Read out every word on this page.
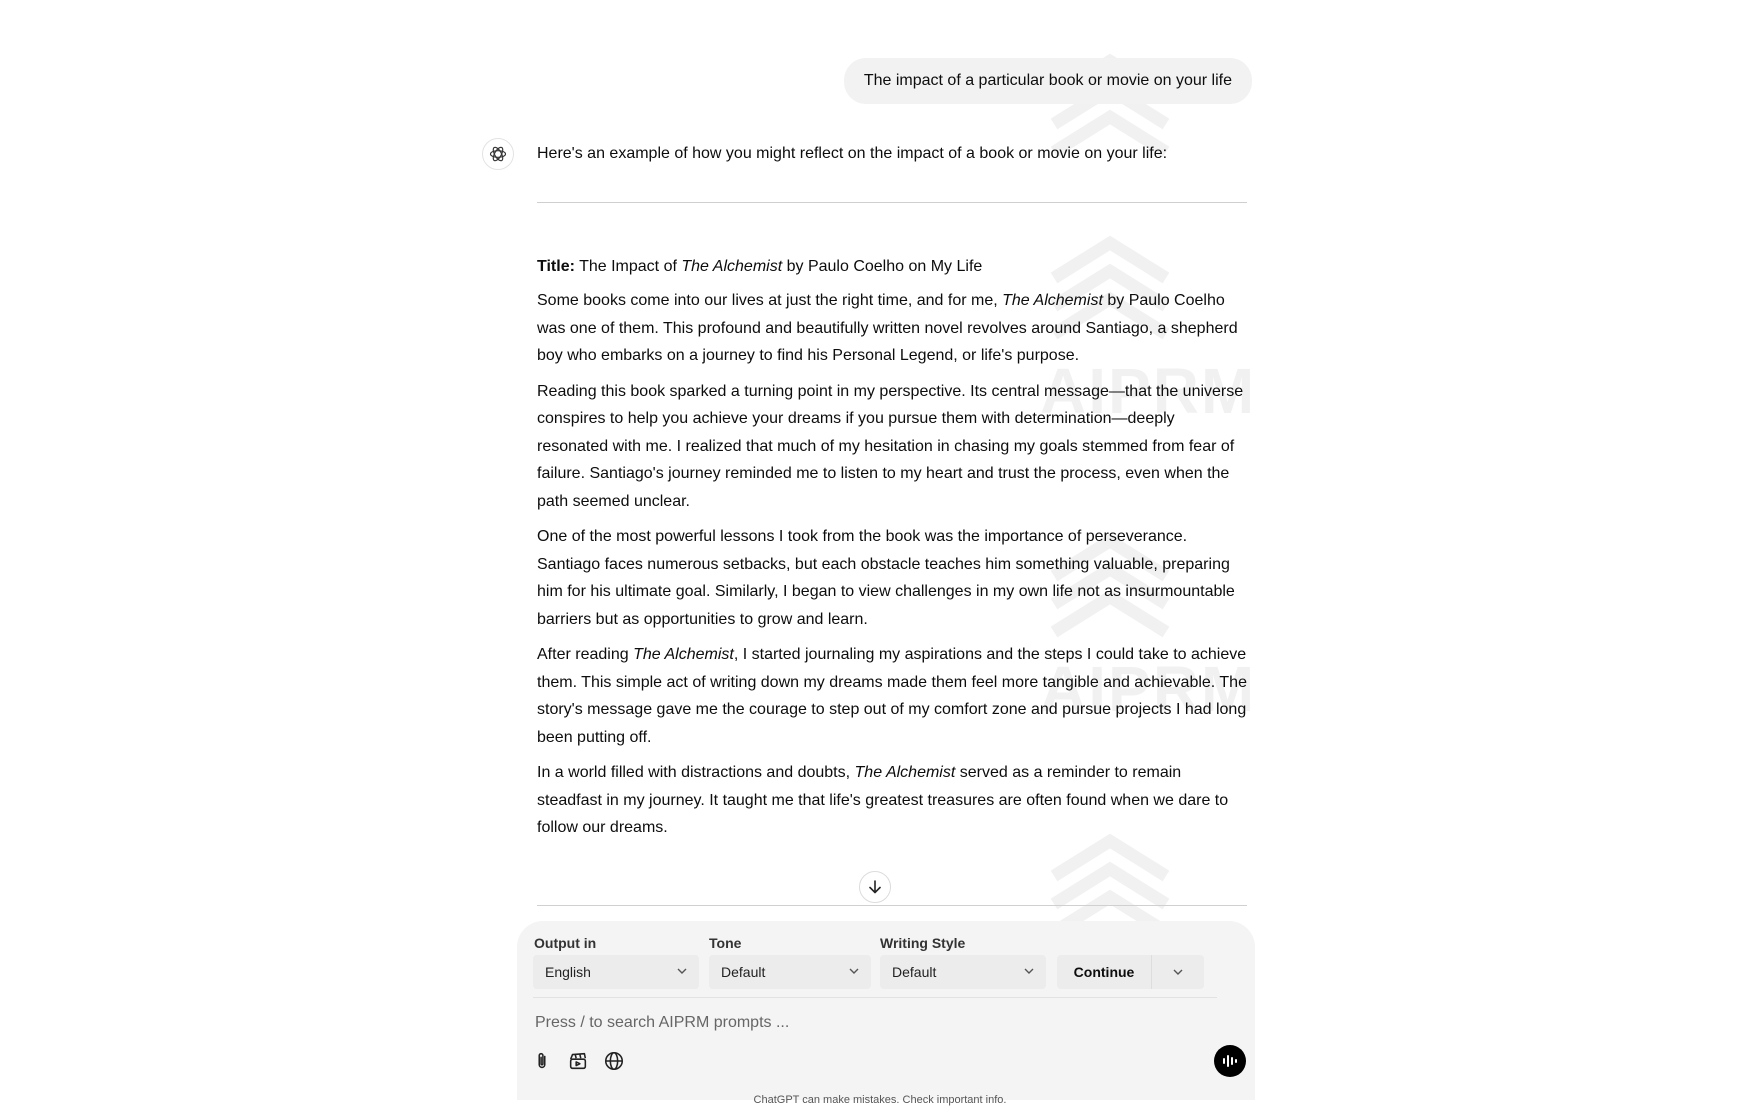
AIPRM
AIPRM
The impact of a particular book or movie on your life

Here's an example of how you might reflect on the impact of a book or movie on your life:

Title: The Impact of The Alchemist by Paulo Coelho on My Life

Some books come into our lives at just the right time, and for me, The Alchemist by Paulo Coelho was one of them. This profound and beautifully written novel revolves around Santiago, a shepherd boy who embarks on a journey to find his Personal Legend, or life's purpose.

Reading this book sparked a turning point in my perspective. Its central message—that the universe conspires to help you achieve your dreams if you pursue them with determination—deeply resonated with me. I realized that much of my hesitation in chasing my goals stemmed from fear of failure. Santiago's journey reminded me to listen to my heart and trust the process, even when the path seemed unclear.

One of the most powerful lessons I took from the book was the importance of perseverance. Santiago faces numerous setbacks, but each obstacle teaches him something valuable, preparing him for his ultimate goal. Similarly, I began to view challenges in my own life not as insurmountable barriers but as opportunities to grow and learn.

After reading The Alchemist, I started journaling my aspirations and the steps I could take to achieve them. This simple act of writing down my dreams made them feel more tangible and achievable. The story's message gave me the courage to step out of my comfort zone and pursue projects I had long been putting off.

In a world filled with distractions and doubts, The Alchemist served as a reminder to remain steadfast in my journey. It taught me that life's greatest treasures are often found when we dare to follow our dreams.

Output in
English
Tone
Default
Writing Style
Default	Continue
Press / to search AIPRM prompts ...
ChatGPT can make mistakes. Check important info.
